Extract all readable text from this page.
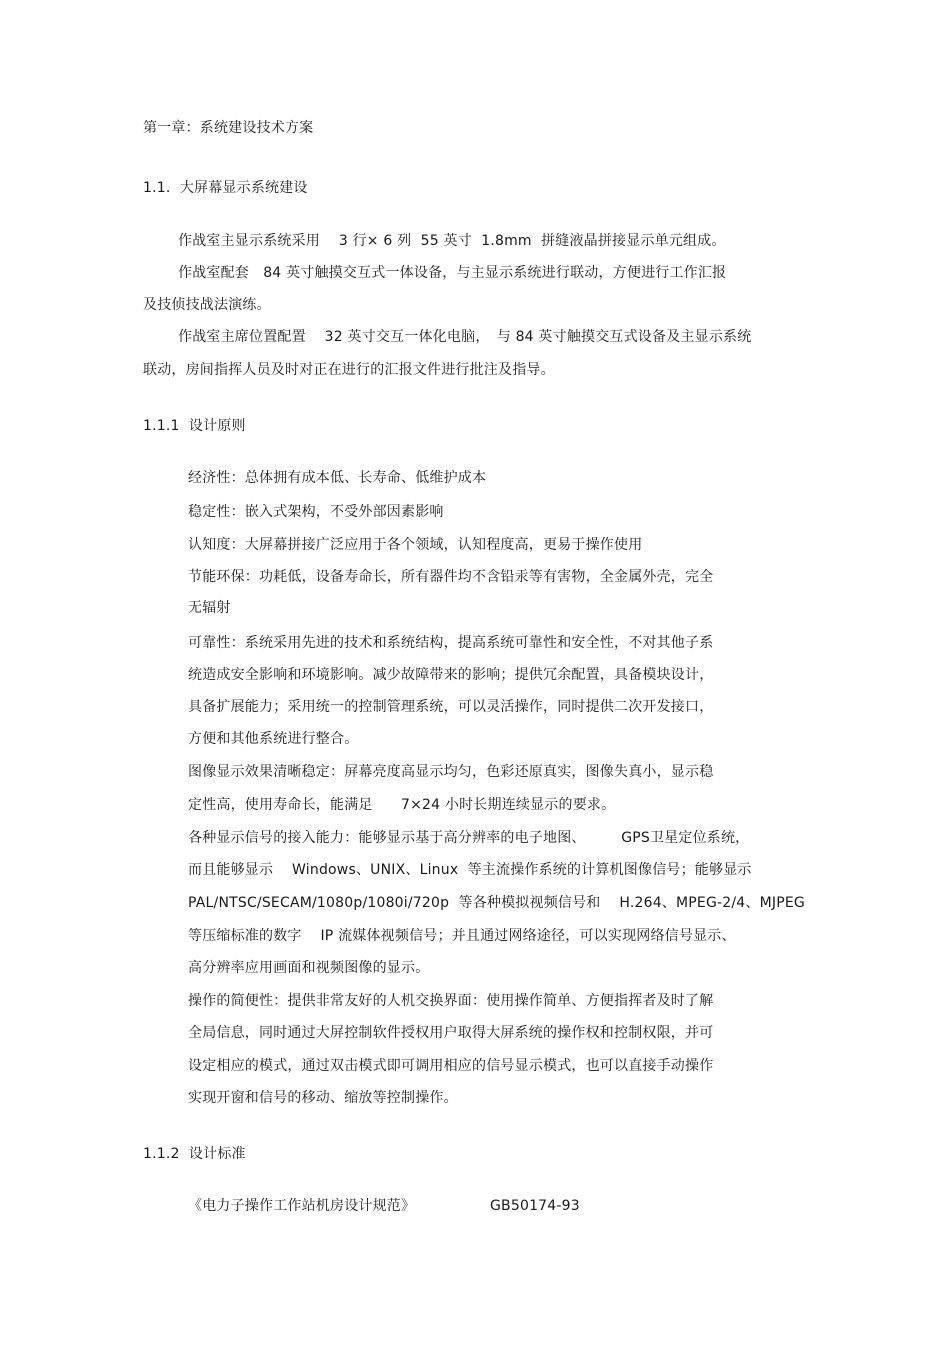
第一章：系统建设技术方案
1.1.  大屏幕显示系统建设
作战室主显示系统采用　 3 行× 6 列  55 英寸  1.8mm  拼缝液晶拼接显示单元组成。
作战室配套　84 英寸触摸交互式一体设备，与主显示系统进行联动，方便进行工作汇报
及技侦技战法演练。
作战室主席位置配置　 32 英寸交互一体化电脑，　与 84 英寸触摸交互式设备及主显示系统
联动，房间指挥人员及时对正在进行的汇报文件进行批注及指导。
1.1.1  设计原则
经济性：总体拥有成本低、长寿命、低维护成本
稳定性：嵌入式架构，不受外部因素影响
认知度：大屏幕拼接广泛应用于各个领域，认知程度高，更易于操作使用
节能环保：功耗低，设备寿命长，所有器件均不含铅汞等有害物，全金属外壳，完全
无辐射
可靠性：系统采用先进的技术和系统结构，提高系统可靠性和安全性，不对其他子系
统造成安全影响和环境影响。减少故障带来的影响；提供冗余配置，具备模块设计，
具备扩展能力；采用统一的控制管理系统，可以灵活操作，同时提供二次开发接口，
方便和其他系统进行整合。
图像显示效果清晰稳定：屏幕亮度高显示均匀，色彩还原真实，图像失真小，显示稳
定性高，使用寿命长，能满足　　7×24 小时长期连续显示的要求。
各种显示信号的接入能力：能够显示基于高分辨率的电子地图、　　　GPS卫星定位系统，
而且能够显示　 Windows、UNIX、Linux  等主流操作系统的计算机图像信号；能够显示
PAL/NTSC/SECAM/1080p/1080i/720p  等各种模拟视频信号和　 H.264、MPEG-2/4、MJPEG
等压缩标准的数字　 IP 流媒体视频信号；并且通过网络途径，可以实现网络信号显示、
高分辨率应用画面和视频图像的显示。
操作的简便性：提供非常友好的人机交换界面：使用操作简单、方便指挥者及时了解
全局信息，同时通过大屏控制软件授权用户取得大屏系统的操作权和控制权限，并可
设定相应的模式，通过双击模式即可调用相应的信号显示模式，也可以直接手动操作
实现开窗和信号的移动、缩放等控制操作。
1.1.2  设计标准
《电力子操作工作站机房设计规范》	GB50174-93
